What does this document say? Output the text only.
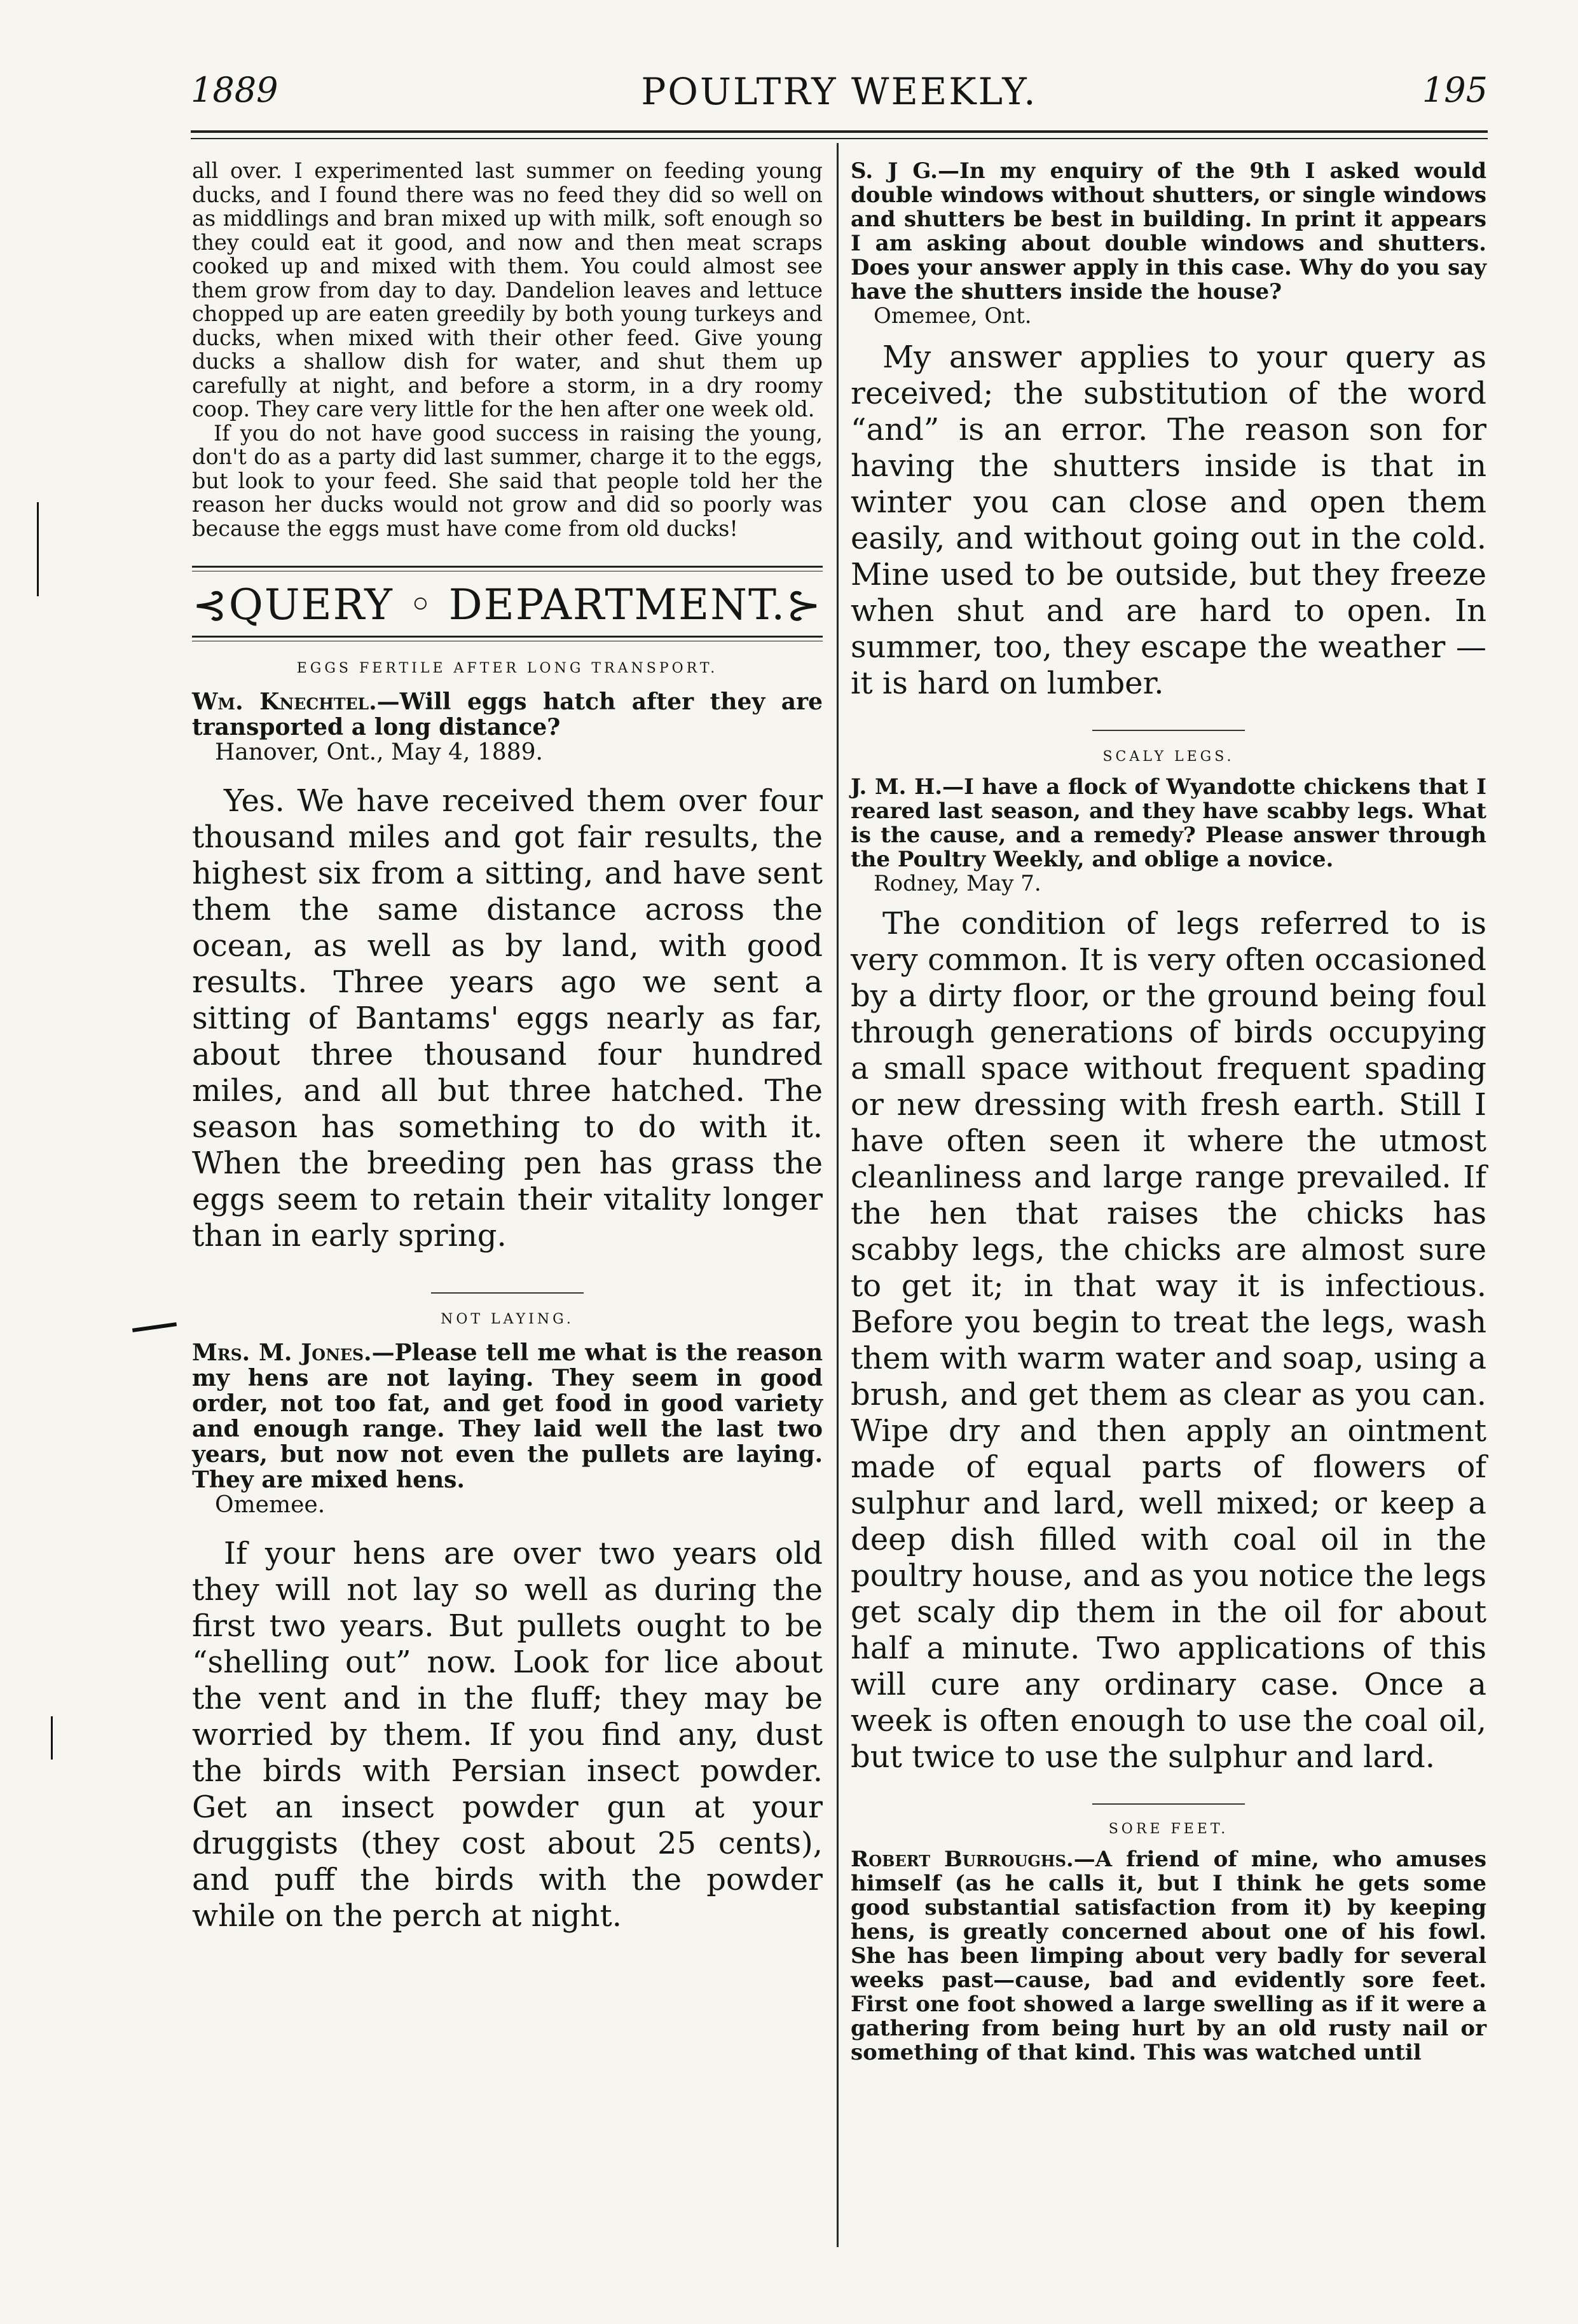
1889	POULTRY WEEKLY.	195

all over. I experimented last summer on feeding young ducks, and I found there was no feed they did so well on as middlings and bran mixed up with milk, soft enough so they could eat it good, and now and then meat scraps cooked up and mixed with them. You could almost see them grow from day to day. Dandelion leaves and lettuce chopped up are eaten greedily by both young turkeys and ducks, when mixed with their other feed. Give young ducks a shallow dish for water, and shut them up carefully at night, and before a storm, in a dry roomy coop. They care very little for the hen after one week old.

If you do not have good success in raising the young, don't do as a party did last summer, charge it to the eggs, but look to your feed. She said that people told her the reason her ducks would not grow and did so poorly was because the eggs must have come from old ducks!

⊰QUERY ◦ DEPARTMENT.⊱
EGGS FERTILE AFTER LONG TRANSPORT.

Wm. Knechtel.—Will eggs hatch after they are transported a long distance?
Hanover, Ont., May 4, 1889.

Yes. We have received them over four thousand miles and got fair results, the highest six from a sitting, and have sent them the same distance across the ocean, as well as by land, with good results. Three years ago we sent a sitting of Bantams' eggs nearly as far, about three thousand four hundred miles, and all but three hatched. The season has something to do with it. When the breeding pen has grass the eggs seem to retain their vitality longer than in early spring.

NOT LAYING.

Mrs. M. Jones.—Please tell me what is the reason my hens are not laying. They seem in good order, not too fat, and get food in good variety and enough range. They laid well the last two years, but now not even the pullets are laying. They are mixed hens.
Omemee.

If your hens are over two years old they will not lay so well as during the first two years. But pullets ought to be “shelling out” now. Look for lice about the vent and in the fluff; they may be worried by them. If you find any, dust the birds with Persian insect powder. Get an insect powder gun at your druggists (they cost about 25 cents), and puff the birds with the powder while on the perch at night.

S. J G.—In my enquiry of the 9th I asked would double windows without shutters, or single windows and shutters be best in building. In print it appears I am asking about double windows and shutters. Does your answer apply in this case. Why do you say have the shutters inside the house?
Omemee, Ont.

My answer applies to your query as received; the substitution of the word “and” is an error. The reason son for having the shutters inside is that in winter you can close and open them easily, and without going out in the cold. Mine used to be outside, but they freeze when shut and are hard to open. In summer, too, they escape the weather —it is hard on lumber.

SCALY LEGS.

J. M. H.—I have a flock of Wyandotte chickens that I reared last season, and they have scabby legs. What is the cause, and a remedy? Please answer through the Poultry Weekly, and oblige a novice.
Rodney, May 7.

The condition of legs referred to is very common. It is very often occasioned by a dirty floor, or the ground being foul through generations of birds occupying a small space without frequent spading or new dressing with fresh earth. Still I have often seen it where the utmost cleanliness and large range prevailed. If the hen that raises the chicks has scabby legs, the chicks are almost sure to get it; in that way it is infectious. Before you begin to treat the legs, wash them with warm water and soap, using a brush, and get them as clear as you can. Wipe dry and then apply an ointment made of equal parts of flowers of sulphur and lard, well mixed; or keep a deep dish filled with coal oil in the poultry house, and as you notice the legs get scaly dip them in the oil for about half a minute. Two applications of this will cure any ordinary case. Once a week is often enough to use the coal oil, but twice to use the sulphur and lard.

SORE FEET.

Robert Burroughs.—A friend of mine, who amuses himself (as he calls it, but I think he gets some good substantial satisfaction from it) by keeping hens, is greatly concerned about one of his fowl. She has been limping about very badly for several weeks past—cause, bad and evidently sore feet. First one foot showed a large swelling as if it were a gathering from being hurt by an old rusty nail or something of that kind. This was watched until
